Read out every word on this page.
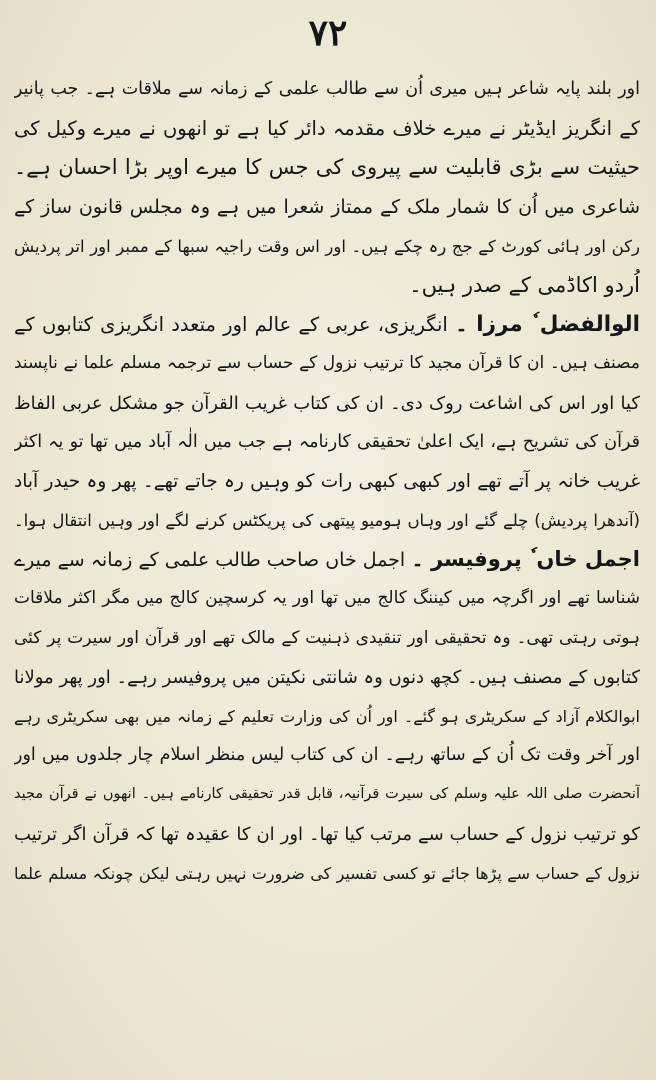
۷۲
اور بلند پایہ شاعر ہیں میری اُن سے طالب علمی کے زمانہ سے ملاقات ہے۔ جب پانیر
کے انگریز ایڈیٹر نے میرے خلاف مقدمہ دائر کیا ہے تو انھوں نے میرے وکیل کی
حیثیت سے بڑی قابلیت سے پیروی کی جس کا میرے اوپر بڑا احسان ہے۔
شاعری میں اُن کا شمار ملک کے ممتاز شعرا میں ہے وہ مجلس قانون ساز کے
رکن اور ہائی کورٹ کے جج رہ چکے ہیں۔ اور اس وقت راجیہ سبھا کے ممبر اور اتر پردیش
اُردو اکاڈمی کے صدر ہیں۔
الوالفضل ٗ مرزا ۔ انگریزی، عربی کے عالم اور متعدد انگریزی کتابوں کے
مصنف ہیں۔ ان کا قرآن مجید کا ترتیب نزول کے حساب سے ترجمہ مسلم علما نے ناپسند
کیا اور اس کی اشاعت روک دی۔ ان کی کتاب غریب القرآن جو مشکل عربی الفاظ
قرآن کی تشریح ہے، ایک اعلیٰ تحقیقی کارنامہ ہے جب میں الٰہ آباد میں تھا تو یہ اکثر
غریب خانہ پر آتے تھے اور کبھی کبھی رات کو وہیں رہ جاتے تھے۔ پھر وہ حیدر آباد
(آندھرا پردیش) چلے گئے اور وہاں ہومیو پیتھی کی پریکٹس کرنے لگے اور وہیں انتقال ہوا۔
اجمل خاں ٗ پروفیسر ۔ اجمل خاں صاحب طالب علمی کے زمانہ سے میرے
شناسا تھے اور اگرچہ میں کیننگ کالج میں تھا اور یہ کرسچین کالج میں مگر اکثر ملاقات
ہوتی رہتی تھی۔ وہ تحقیقی اور تنقیدی ذہنیت کے مالک تھے اور قرآن اور سیرت پر کئی
کتابوں کے مصنف ہیں۔ کچھ دنوں وہ شانتی نکیتن میں پروفیسر رہے۔ اور پھر مولانا
ابوالکلام آزاد کے سکریٹری ہو گئے۔ اور اُن کی وزارت تعلیم کے زمانہ میں بھی سکریٹری رہے
اور آخر وقت تک اُن کے ساتھ رہے۔ ان کی کتاب لیس منظر اسلام چار جلدوں میں اور
آنحضرت صلی اللہ علیہ وسلم کی سیرت قرآنیہ، قابل قدر تحقیقی کارنامے ہیں۔ انھوں نے قرآن مجید
کو ترتیب نزول کے حساب سے مرتب کیا تھا۔ اور ان کا عقیدہ تھا کہ قرآن اگر ترتیب
نزول کے حساب سے پڑھا جائے تو کسی تفسیر کی ضرورت نہیں رہتی لیکن چونکہ مسلم علما
